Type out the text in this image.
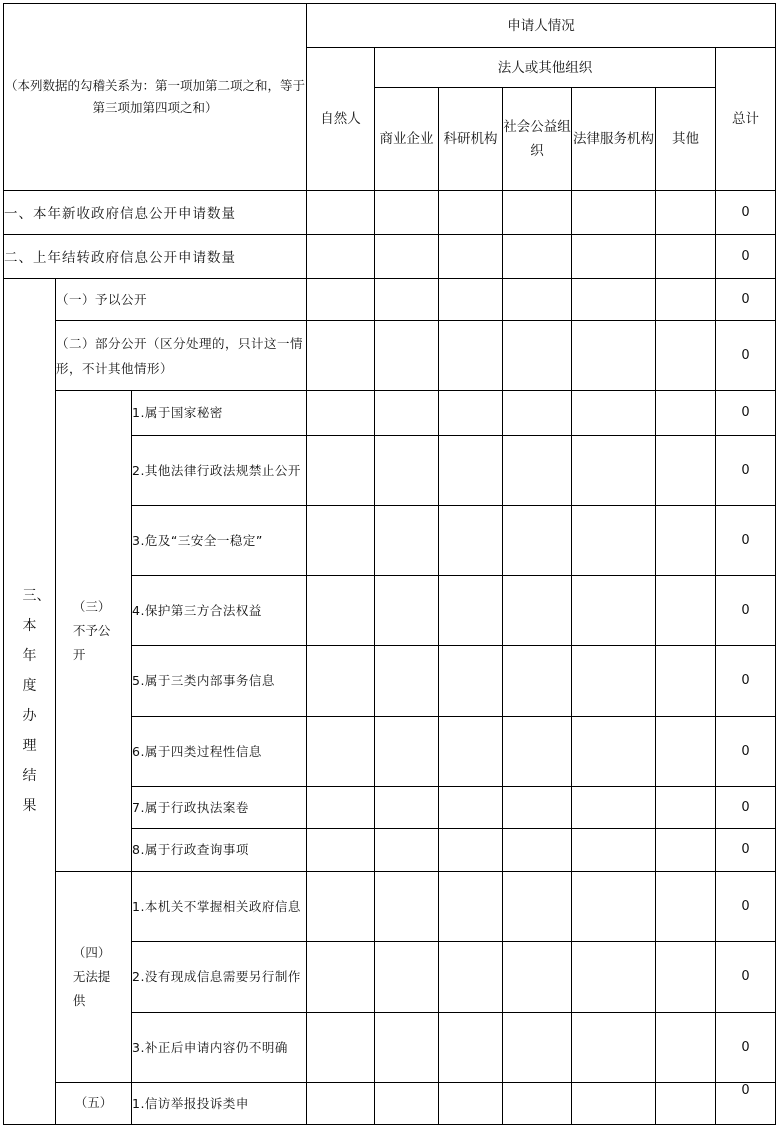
（本列数据的勾稽关系为：第一项加第二项之和，等于第三项加第四项之和）			申请人情况						
			自然人	法人或其他组织					总计
				商业企业	科研机构	社会公益组织	法律服务机构	其他	
一、本年新收政府信息公开申请数量									0
二、上年结转政府信息公开申请数量									0

三、本年度办理结果	（一）予以公开								0
	（二）部分公开（区分处理的，只计这一情形，不计其他情形）								0

	（三）不予公开	1.属于国家秘密							0
		2.其他法律行政法规禁止公开							0
		3.危及“三安全一稳定”							0
		4.保护第三方合法权益							0
		5.属于三类内部事务信息							0
		6.属于四类过程性信息							0
		7.属于行政执法案卷							0
		8.属于行政查询事项							0

	（四）无法提供	1.本机关不掌握相关政府信息							0
		2.没有现成信息需要另行制作							0
		3.补正后申请内容仍不明确							0
	（五）	1.信访举报投诉类申							0
